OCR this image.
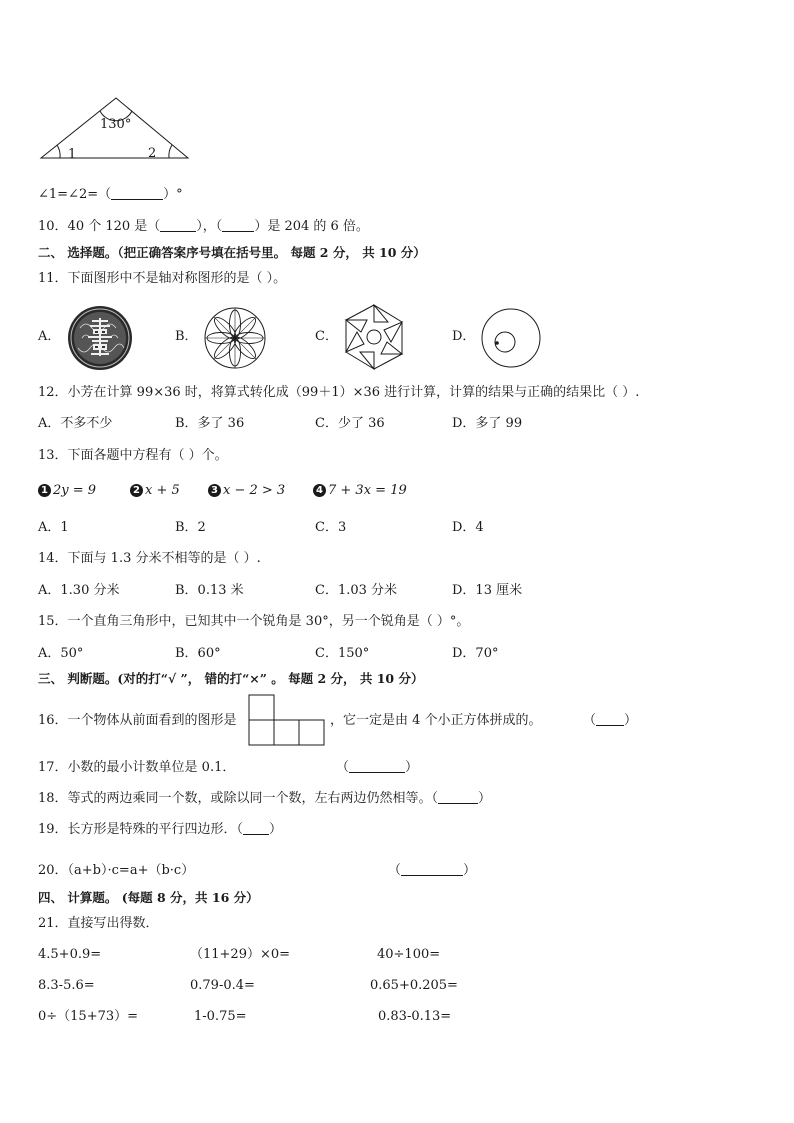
130°
1	2
∠1=∠2=（	）°
10．40 个 120 是（	），（ ）是 204 的 6 倍。
二、 选择题。（把正确答案序号填在括号里。 每题 2 分， 共 10 分）
11．下面图形中不是轴对称图形的是（ ）。
A．	B．	C．	D．
12．小芳在计算 99×36 时，将算式转化成（99＋1）×36 进行计算，计算的结果与正确的结果比（ ）.
A．不多不少	B．多了 36	C．少了 36	D．多了 99
13．下面各题中方程有（ ）个。
1 2y = 9	2 x + 5	3 x − 2 > 3	4 7 + 3x = 19
A．1	B．2	C．3	D．4
14．下面与 1.3 分米不相等的是（ ）.
A．1.30 分米	B．0.13 米	C．1.03 分米	D．13 厘米
15．一个直角三角形中，已知其中一个锐角是 30°，另一个锐角是（ ）°。
A．50°	B．60°	C．150°	D．70°
三、 判断题。(对的打“√ ”， 错的打“×” 。 每题 2 分， 共 10 分）
16．一个物体从前面看到的图形是	，它一定是由 4 个小正方体拼成的。	（ ）
17．小数的最小计数单位是 0.1．	（	）
18．等式的两边乘同一个数，或除以同一个数，左右两边仍然相等。（	）
19．长方形是特殊的平行四边形．（ ）
20．（a+b）·c=a+（b·c）	（	）
四、 计算题。 (每题 8 分，共 16 分）
21．直接写出得数．
4.5+0.9=	（11+29）×0=	40÷100=
8.3-5.6=	0.79-0.4=	0.65+0.205=
0÷（15+73）=	1-0.75=	0.83-0.13=
